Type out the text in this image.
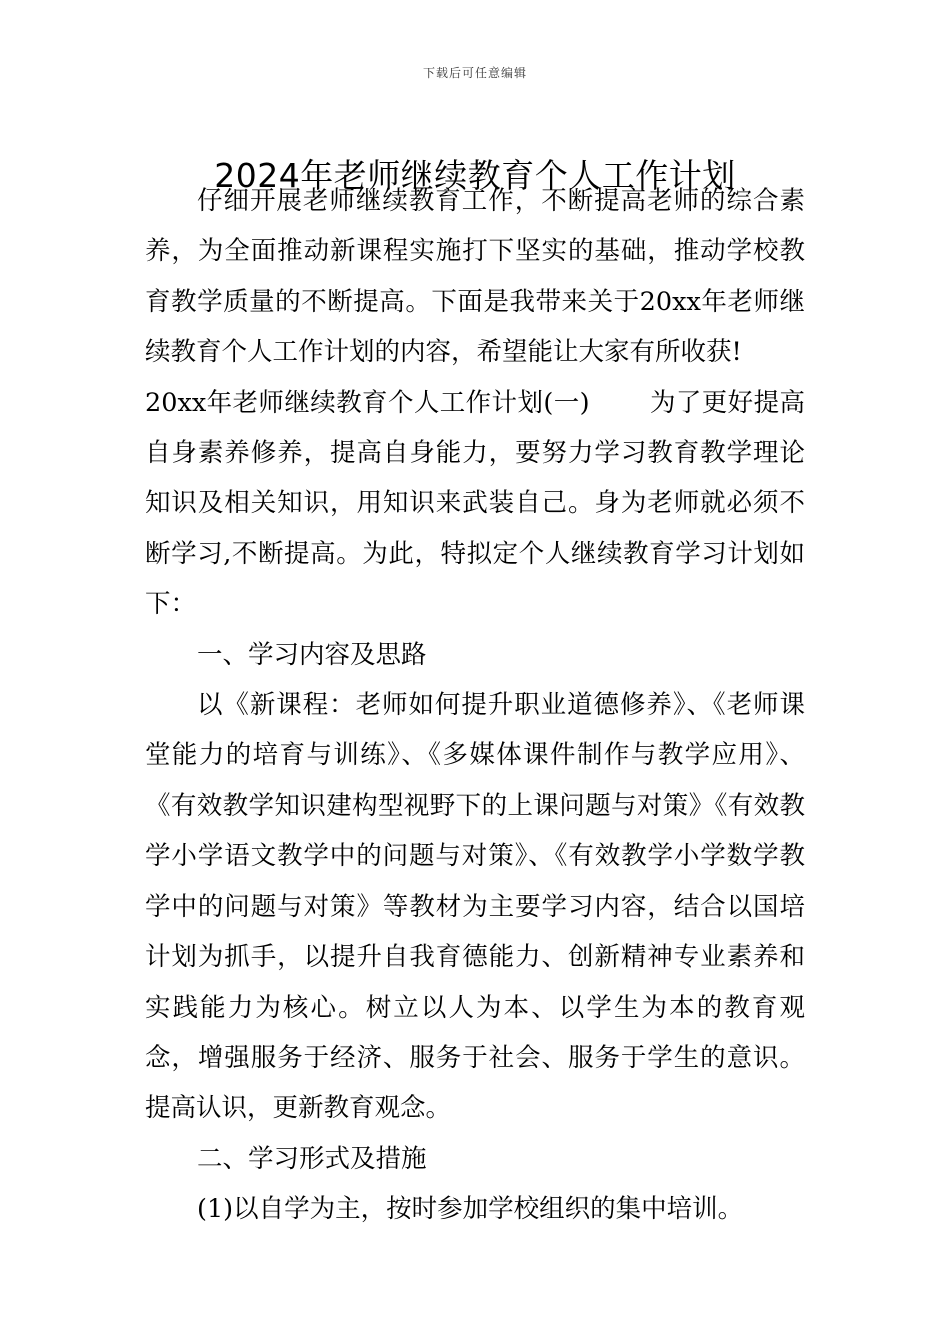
下载后可任意编辑
2024年老师继续教育个人工作计划

仔细开展老师继续教育工作，不断提高老师的综合素养，为全面推动新课程实施打下坚实的基础，推动学校教育教学质量的不断提高。下面是我带来关于20xx年老师继续教育个人工作计划的内容，希望能让大家有所收获!

20xx年老师继续教育个人工作计划(一) 为了更好提高自身素养修养，提高自身能力，要努力学习教育教学理论知识及相关知识，用知识来武装自己。身为老师就必须不断学习,不断提高。为此，特拟定个人继续教育学习计划如下：

一、学习内容及思路

以《新课程：老师如何提升职业道德修养》、《老师课堂能力的培育与训练》、《多媒体课件制作与教学应用》、《有效教学知识建构型视野下的上课问题与对策》《有效教学小学语文教学中的问题与对策》、《有效教学小学数学教学中的问题与对策》等教材为主要学习内容，结合以国培计划为抓手，以提升自我育德能力、创新精神专业素养和实践能力为核心。树立以人为本、以学生为本的教育观念，增强服务于经济、服务于社会、服务于学生的意识。提高认识，更新教育观念。

二、学习形式及措施

(1)以自学为主，按时参加学校组织的集中培训。
